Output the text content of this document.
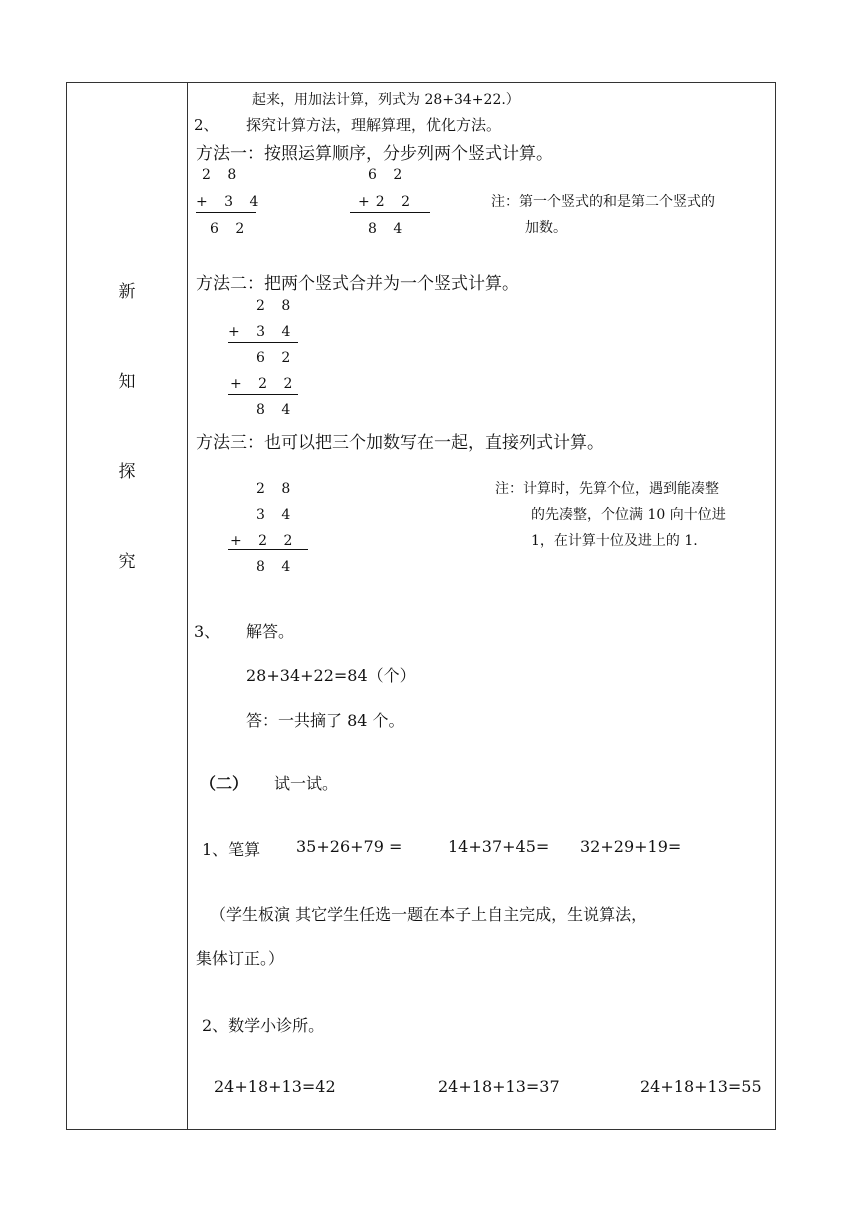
新
知
探
究
起来，用加法计算，列式为 28+34+22.）
2、 探究计算方法，理解算理，优化方法。
方法一：按照运算顺序，分步列两个竖式计算。
2 8
+ 3 4
6 2
6 2
+2 2
8 4
注：第一个竖式的和是第二个竖式的
加数。
方法二：把两个竖式合并为一个竖式计算。
2 8
+ 3 4
6 2
+ 2 2
8 4
方法三：也可以把三个加数写在一起，直接列式计算。
2 8
3 4
+ 2 2
8 4
注：计算时，先算个位，遇到能凑整
的先凑整，个位满 10 向十位进
1，在计算十位及进上的 1.
3、 解答。
28+34+22=84（个）
答：一共摘了 84 个。
（二） 试一试。
1、笔算 35+26+79 =	14+37+45= 32+29+19=
（学生板演 其它学生任选一题在本子上自主完成，生说算法，
集体订正。）
2、数学小诊所。
24+18+13=42	24+18+13=37	24+18+13=55
